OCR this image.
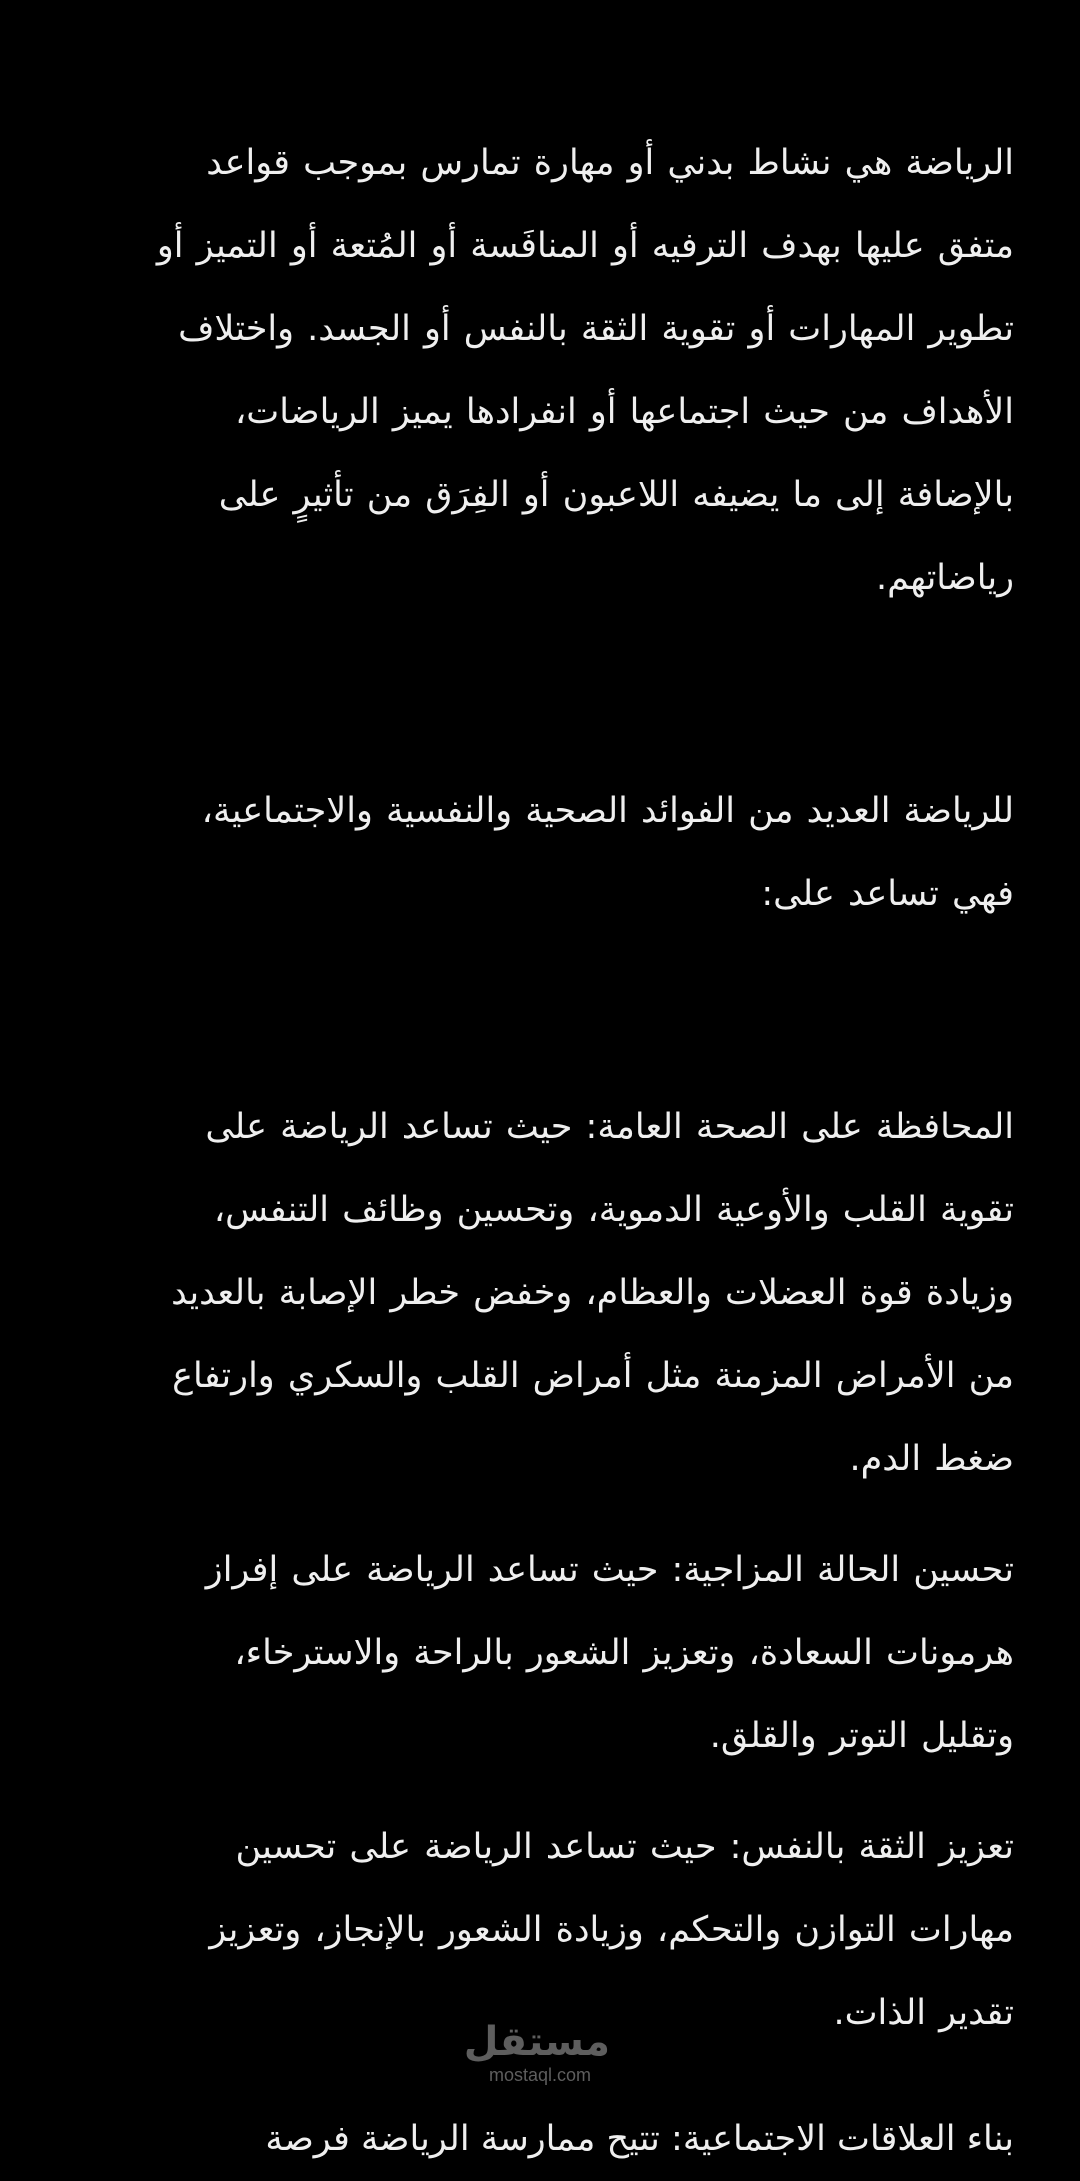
الرياضة هي نشاط بدني أو مهارة تمارس بموجب قواعد
متفق عليها بهدف الترفيه أو المنافَسة أو المُتعة أو التميز أو
تطوير المهارات أو تقوية الثقة بالنفس أو الجسد. واختلاف
الأهداف من حيث اجتماعها أو انفرادها يميز الرياضات،
بالإضافة إلى ما يضيفه اللاعبون أو الفِرَق من تأثيرٍ على
رياضاتهم.

للرياضة العديد من الفوائد الصحية والنفسية والاجتماعية،
فهي تساعد على:

المحافظة على الصحة العامة: حيث تساعد الرياضة على
تقوية القلب والأوعية الدموية، وتحسين وظائف التنفس،
وزيادة قوة العضلات والعظام، وخفض خطر الإصابة بالعديد
من الأمراض المزمنة مثل أمراض القلب والسكري وارتفاع
ضغط الدم.

تحسين الحالة المزاجية: حيث تساعد الرياضة على إفراز
هرمونات السعادة، وتعزيز الشعور بالراحة والاسترخاء،
وتقليل التوتر والقلق.

تعزيز الثقة بالنفس: حيث تساعد الرياضة على تحسين
مهارات التوازن والتحكم، وزيادة الشعور بالإنجاز، وتعزيز
تقدير الذات.

بناء العلاقات الاجتماعية: تتيح ممارسة الرياضة فرصة
مستقل
mostaql.com
